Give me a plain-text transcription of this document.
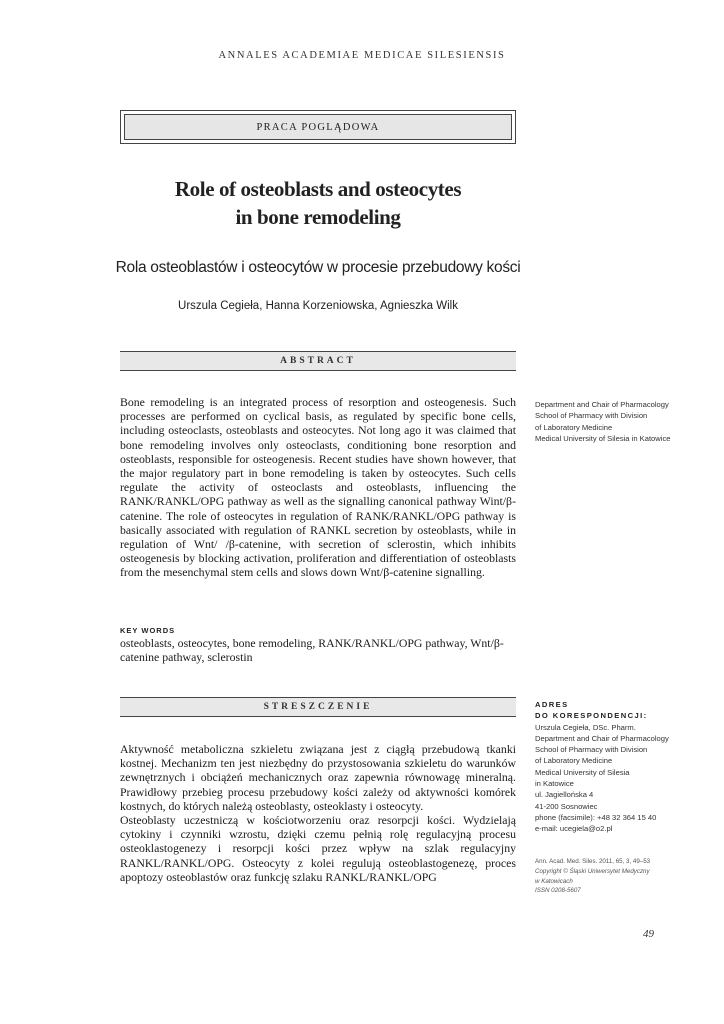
ANNALES ACADEMIAE MEDICAE SILESIENSIS
PRACA POGLĄDOWA
Role of osteoblasts and osteocytes
in bone remodeling
Rola osteoblastów i osteocytów w procesie przebudowy kości
Urszula Cegieła, Hanna Korzeniowska, Agnieszka Wilk
ABSTRACT

Bone remodeling is an integrated process of resorption and osteogenesis. Such processes are performed on cyclical basis, as regulated by specific bone cells, including osteoclasts, osteoblasts and osteocytes. Not long ago it was claimed that bone remodeling involves only osteoclasts, conditioning bone resorption and osteoblasts, responsible for osteogenesis. Recent studies have shown however, that the major regulatory part in bone remodeling is taken by osteocytes. Such cells regulate the activity of osteoclasts and osteoblasts, influencing the RANK/RANKL/OPG pathway as well as the signalling canonical pathway Wint/β-catenine. The role of osteocytes in regulation of RANK/RANKL/OPG pathway is basically associated with regulation of RANKL secretion by osteoblasts, while in regulation of Wnt/ /β-catenine, with secretion of sclerostin, which inhibits osteogenesis by blocking activation, proliferation and differentiation of osteoblasts from the mesenchymal stem cells and slows down Wnt/β-catenine signalling.

Department and Chair of Pharmacology
School of Pharmacy with Division
of Laboratory Medicine
Medical University of Silesia in Katowice
KEY WORDS
osteoblasts, osteocytes, bone remodeling, RANK/RANKL/OPG pathway, Wnt/β-catenine pathway, sclerostin
STRESZCZENIE

Aktywność metaboliczna szkieletu związana jest z ciągłą przebudową tkanki kostnej. Mechanizm ten jest niezbędny do przystosowania szkieletu do warunków zewnętrznych i obciążeń mechanicznych oraz zapewnia równowagę mineralną. Prawidłowy przebieg procesu przebudowy kości zależy od aktywności komórek kostnych, do których należą osteoblasty, osteoklasty i osteocyty.

Osteoblasty uczestniczą w kościotworzeniu oraz resorpcji kości. Wydzielają cytokiny i czynniki wzrostu, dzięki czemu pełnią rolę regulacyjną procesu osteoklastogenezy i resorpcji kości przez wpływ na szlak regulacyjny RANKL/RANKL/OPG. Osteocyty z kolei regulują osteoblastogenezę, proces apoptozy osteoblastów oraz funkcję szlaku RANKL/RANKL/OPG

ADRES
DO KORESPONDENCJI:
Urszula Cegieła, DSc. Pharm.
Department and Chair of Pharmacology
School of Pharmacy with Division
of Laboratory Medicine
Medical University of Silesia
in Katowice
ul. Jagiellońska 4
41-200 Sosnowiec
phone (facsimile): +48 32 364 15 40
e-mail: ucegiela@o2.pl
Ann. Acad. Med. Siles. 2011, 65, 3, 49–53
Copyright © Śląski Uniwersytet Medyczny
w Katowicach
ISSN 0208-5607
49
